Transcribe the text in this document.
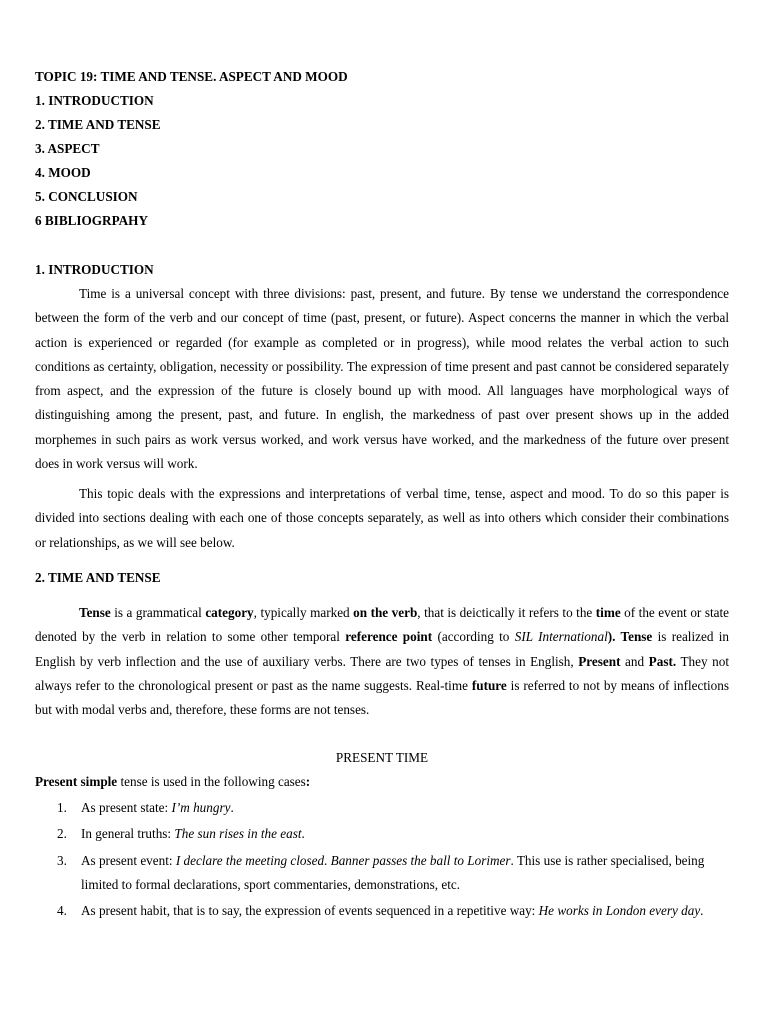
TOPIC 19: TIME AND TENSE. ASPECT AND MOOD
1. INTRODUCTION
2. TIME AND TENSE
3. ASPECT
4. MOOD
5. CONCLUSION
6 BIBLIOGRPAHY
1. INTRODUCTION

Time is a universal concept with three divisions: past, present, and future. By tense we understand the correspondence between the form of the verb and our concept of time (past, present, or future). Aspect concerns the manner in which the verbal action is experienced or regarded (for example as completed or in progress), while mood relates the verbal action to such conditions as certainty, obligation, necessity or possibility. The expression of time present and past cannot be considered separately from aspect, and the expression of the future is closely bound up with mood. All languages have morphological ways of distinguishing among the present, past, and future. In english, the markedness of past over present shows up in the added morphemes in such pairs as work versus worked, and work versus have worked, and the markedness of the future over present does in work versus will work.

This topic deals with the expressions and interpretations of verbal time, tense, aspect and mood. To do so this paper is divided into sections dealing with each one of those concepts separately, as well as into others which consider their combinations or relationships, as we will see below.

2. TIME AND TENSE

Tense is a grammatical category, typically marked on the verb, that is deictically it refers to the time of the event or state denoted by the verb in relation to some other temporal reference point (according to SIL International). Tense is realized in English by verb inflection and the use of auxiliary verbs. There are two types of tenses in English, Present and Past. They not always refer to the chronological present or past as the name suggests. Real-time future is referred to not by means of inflections but with modal verbs and, therefore, these forms are not tenses.

PRESENT TIME

Present simple tense is used in the following cases:

1. As present state: I’m hungry.
2. In general truths: The sun rises in the east.
3. As present event: I declare the meeting closed. Banner passes the ball to Lorimer. This use is rather specialised, being limited to formal declarations, sport commentaries, demonstrations, etc.
4. As present habit, that is to say, the expression of events sequenced in a repetitive way: He works in London every day.
